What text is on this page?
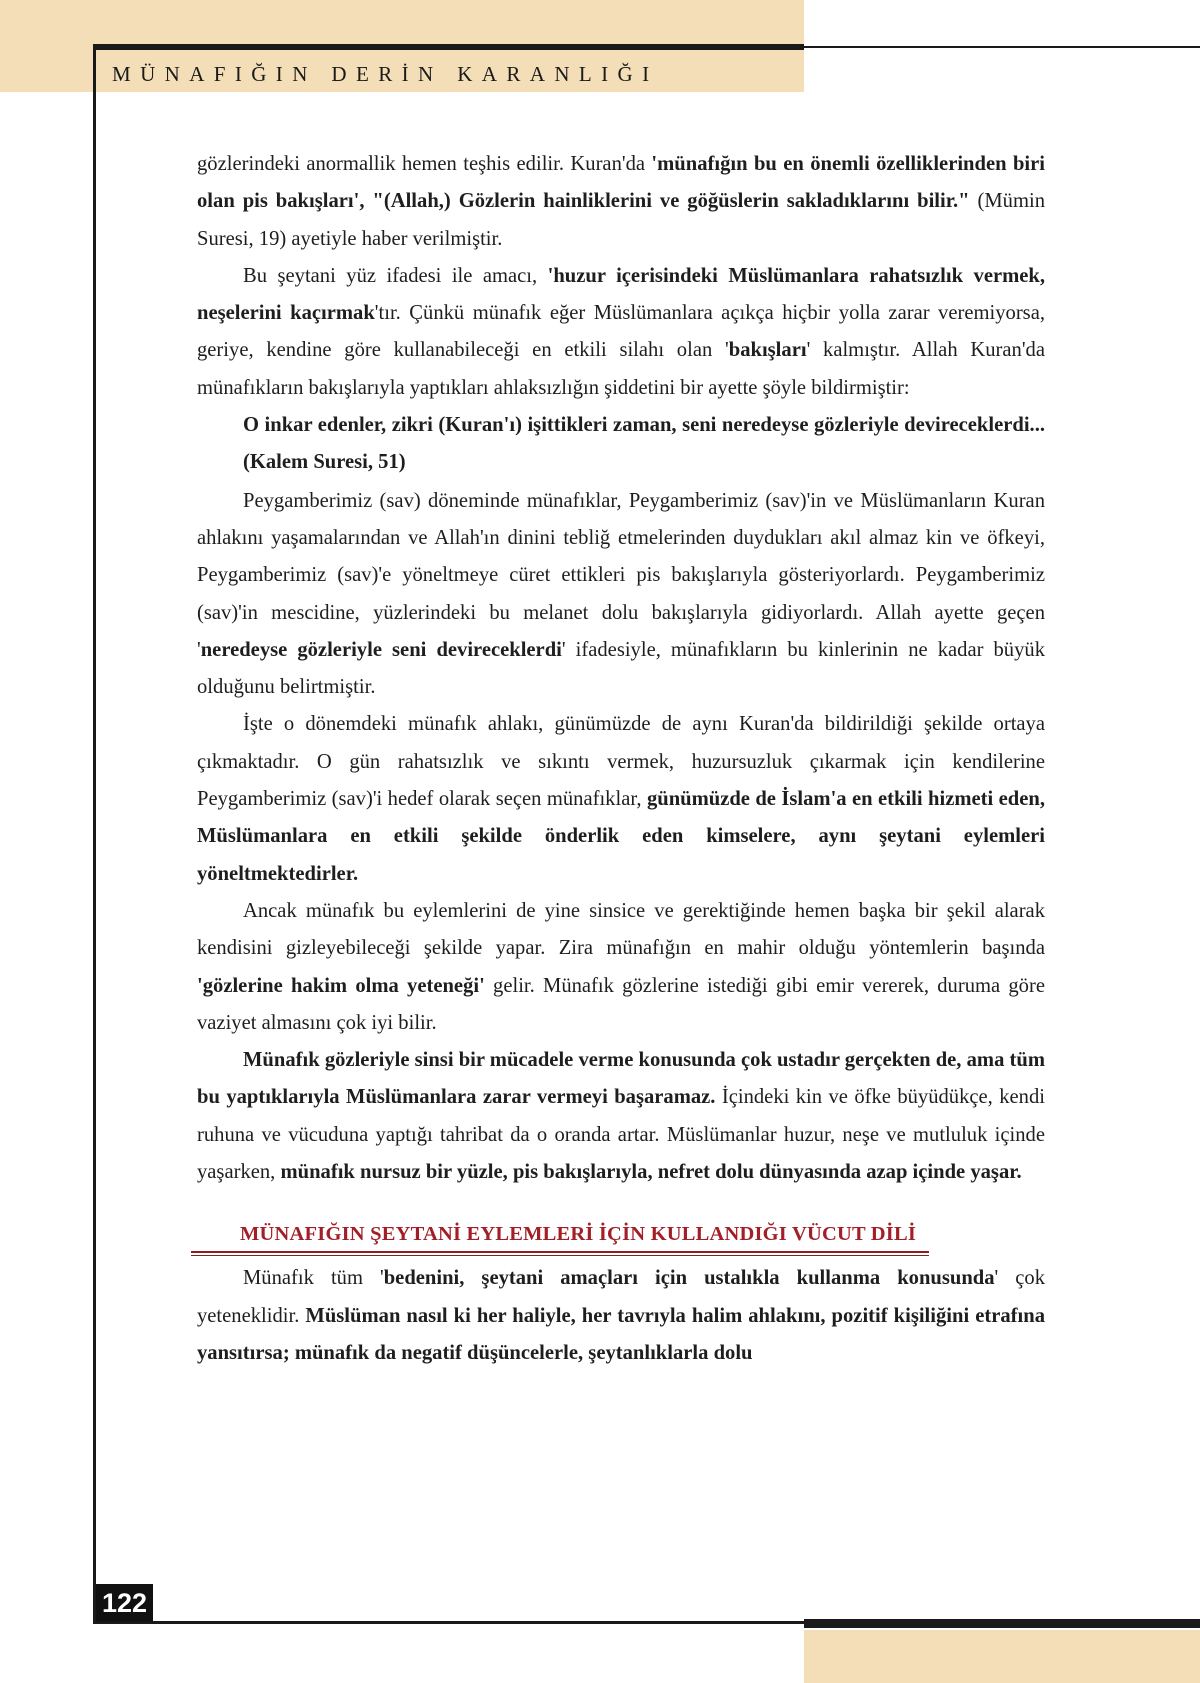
MÜNAFIĞIN DERİN KARANLIĞI

gözlerindeki anormallik hemen teşhis edilir. Kuran'da 'münafığın bu en önemli özelliklerinden biri olan pis bakışları', "(Allah,) Gözlerin hainliklerini ve göğüslerin sakladıklarını bilir." (Mümin Suresi, 19) ayetiyle haber verilmiştir.

Bu şeytani yüz ifadesi ile amacı, 'huzur içerisindeki Müslümanlara rahatsızlık vermek, neşelerini kaçırmak'tır. Çünkü münafık eğer Müslümanlara açıkça hiçbir yolla zarar veremiyorsa, geriye, kendine göre kullanabileceği en etkili silahı olan 'bakışları' kalmıştır. Allah Kuran'da münafıkların bakışlarıyla yaptıkları ahlaksızlığın şiddetini bir ayette şöyle bildirmiştir:

O inkar edenler, zikri (Kuran'ı) işittikleri zaman, seni neredeyse gözleriyle devireceklerdi... (Kalem Suresi, 51)

Peygamberimiz (sav) döneminde münafıklar, Peygamberimiz (sav)'in ve Müslümanların Kuran ahlakını yaşamalarından ve Allah'ın dinini tebliğ etmelerinden duydukları akıl almaz kin ve öfkeyi, Peygamberimiz (sav)'e yöneltmeye cüret ettikleri pis bakışlarıyla gösteriyorlardı. Peygamberimiz (sav)'in mescidine, yüzlerindeki bu melanet dolu bakışlarıyla gidiyorlardı. Allah ayette geçen 'neredeyse gözleriyle seni devireceklerdi' ifadesiyle, münafıkların bu kinlerinin ne kadar büyük olduğunu belirtmiştir.

İşte o dönemdeki münafık ahlakı, günümüzde de aynı Kuran'da bildirildiği şekilde ortaya çıkmaktadır. O gün rahatsızlık ve sıkıntı vermek, huzursuzluk çıkarmak için kendilerine Peygamberimiz (sav)'i hedef olarak seçen münafıklar, günümüzde de İslam'a en etkili hizmeti eden, Müslümanlara en etkili şekilde önderlik eden kimselere, aynı şeytani eylemleri yöneltmektedirler.

Ancak münafık bu eylemlerini de yine sinsice ve gerektiğinde hemen başka bir şekil alarak kendisini gizleyebileceği şekilde yapar. Zira münafığın en mahir olduğu yöntemlerin başında 'gözlerine hakim olma yeteneği' gelir. Münafık gözlerine istediği gibi emir vererek, duruma göre vaziyet almasını çok iyi bilir.

Münafık gözleriyle sinsi bir mücadele verme konusunda çok ustadır gerçekten de, ama tüm bu yaptıklarıyla Müslümanlara zarar vermeyi başaramaz. İçindeki kin ve öfke büyüdükçe, kendi ruhuna ve vücuduna yaptığı tahribat da o oranda artar. Müslümanlar huzur, neşe ve mutluluk içinde yaşarken, münafık nursuz bir yüzle, pis bakışlarıyla, nefret dolu dünyasında azap içinde yaşar.

MÜNAFIĞIN ŞEYTANİ EYLEMLERİ İÇİN KULLANDIĞI VÜCUT DİLİ

Münafık tüm 'bedenini, şeytani amaçları için ustalıkla kullanma konusunda' çok yeteneklidir. Müslüman nasıl ki her haliyle, her tavrıyla halim ahlakını, pozitif kişiliğini etrafına yansıtırsa; münafık da negatif düşüncelerle, şeytanlıklarla dolu

122
